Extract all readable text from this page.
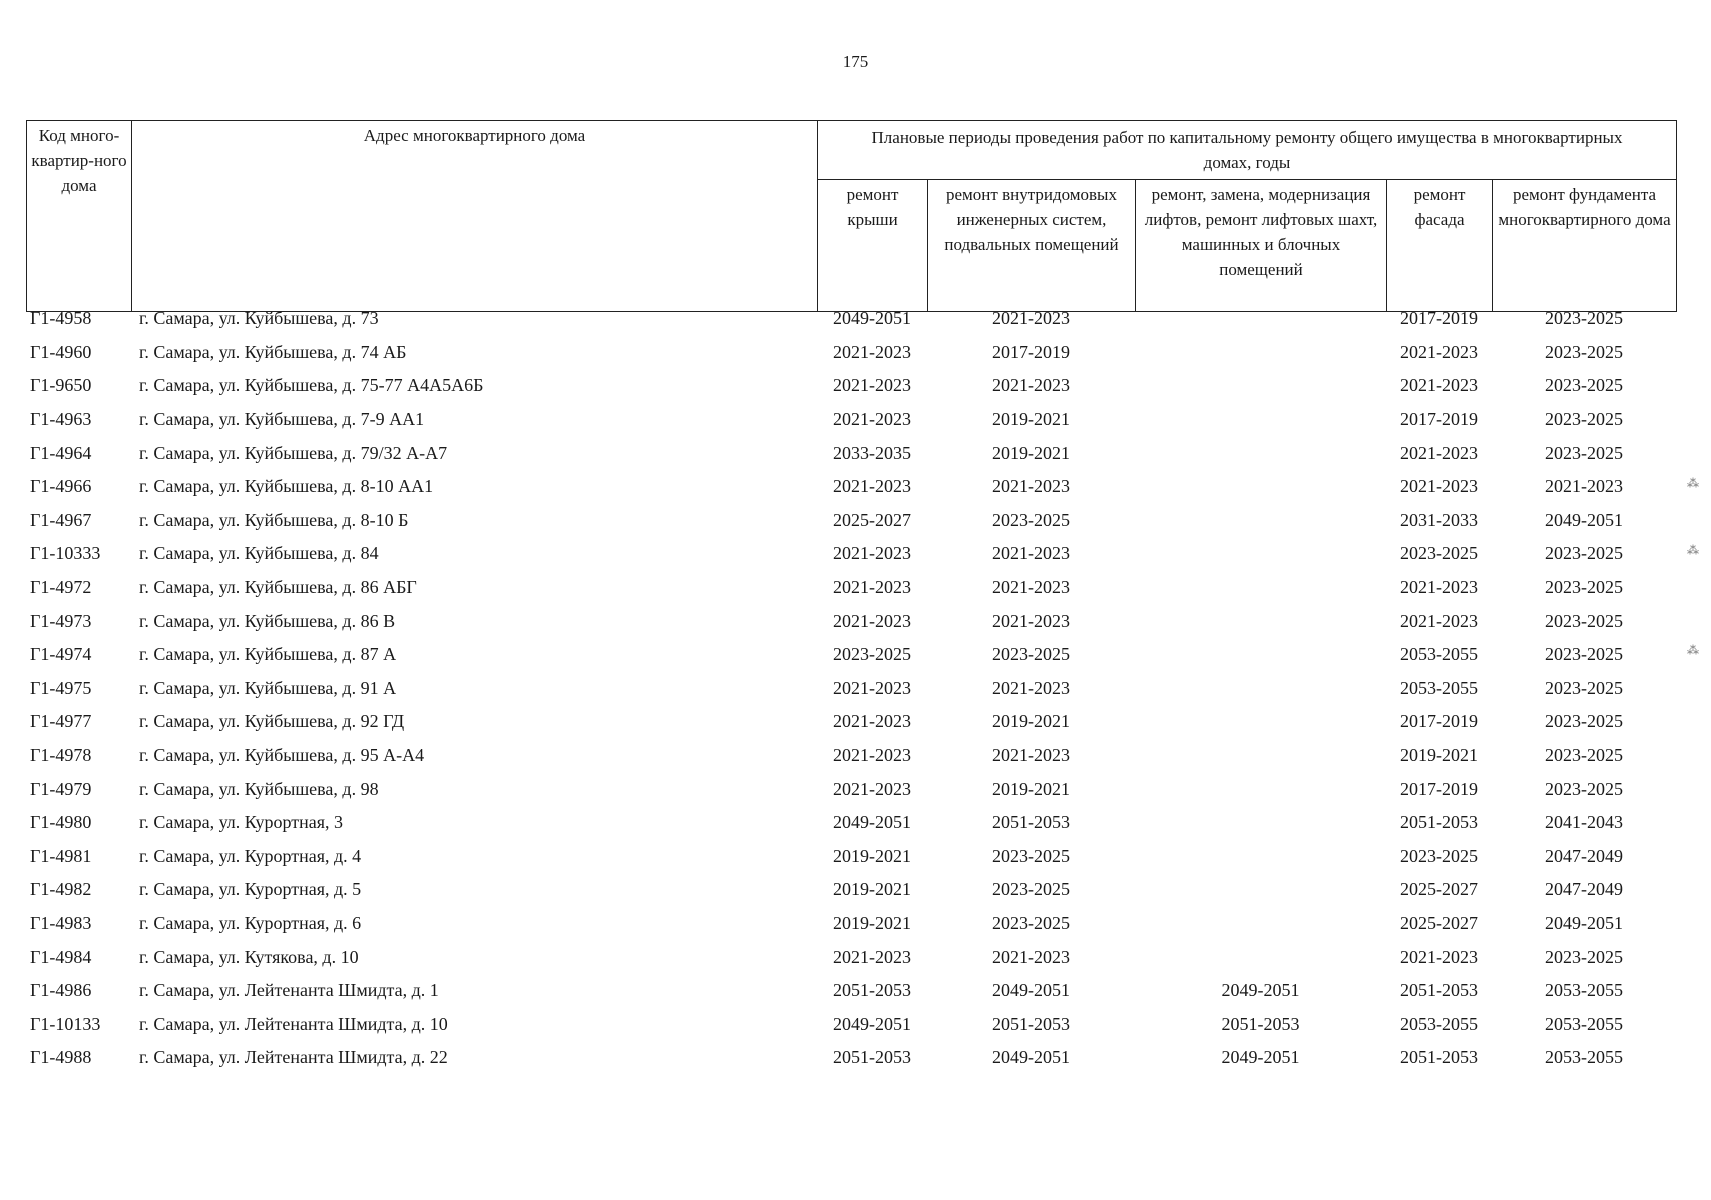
175
Код много-квартир-ного дома	Адрес многоквартирного дома	Плановые периоды проведения работ по капитальному ремонту общего имущества в многоквартирных домах, годы				
		ремонт крыши	ремонт внутридомовых инженерных систем, подвальных помещений	ремонт, замена, модернизация лифтов, ремонт лифтовых шахт, машинных и блочных помещений	ремонт фасада	ремонт фундамента многоквартирного дома
Г1-4958	г. Самара, ул. Куйбышева, д. 73	2049-2051	2021-2023		2017-2019	2023-2025
Г1-4960	г. Самара, ул. Куйбышева, д. 74 АБ	2021-2023	2017-2019		2021-2023	2023-2025
Г1-9650	г. Самара, ул. Куйбышева, д. 75-77 А4А5А6Б	2021-2023	2021-2023		2021-2023	2023-2025
Г1-4963	г. Самара, ул. Куйбышева, д. 7-9 АА1	2021-2023	2019-2021		2017-2019	2023-2025
Г1-4964	г. Самара, ул. Куйбышева, д. 79/32 А-А7	2033-2035	2019-2021		2021-2023	2023-2025
Г1-4966	г. Самара, ул. Куйбышева, д. 8-10 АА1	2021-2023	2021-2023		2021-2023	2021-2023
Г1-4967	г. Самара, ул. Куйбышева, д. 8-10 Б	2025-2027	2023-2025		2031-2033	2049-2051
Г1-10333	г. Самара, ул. Куйбышева, д. 84	2021-2023	2021-2023		2023-2025	2023-2025
Г1-4972	г. Самара, ул. Куйбышева, д. 86 АБГ	2021-2023	2021-2023		2021-2023	2023-2025
Г1-4973	г. Самара, ул. Куйбышева, д. 86 В	2021-2023	2021-2023		2021-2023	2023-2025
Г1-4974	г. Самара, ул. Куйбышева, д. 87 А	2023-2025	2023-2025		2053-2055	2023-2025
Г1-4975	г. Самара, ул. Куйбышева, д. 91 А	2021-2023	2021-2023		2053-2055	2023-2025
Г1-4977	г. Самара, ул. Куйбышева, д. 92 ГД	2021-2023	2019-2021		2017-2019	2023-2025
Г1-4978	г. Самара, ул. Куйбышева, д. 95 А-А4	2021-2023	2021-2023		2019-2021	2023-2025
Г1-4979	г. Самара, ул. Куйбышева, д. 98	2021-2023	2019-2021		2017-2019	2023-2025
Г1-4980	г. Самара, ул. Курортная, 3	2049-2051	2051-2053		2051-2053	2041-2043
Г1-4981	г. Самара, ул. Курортная, д. 4	2019-2021	2023-2025		2023-2025	2047-2049
Г1-4982	г. Самара, ул. Курортная, д. 5	2019-2021	2023-2025		2025-2027	2047-2049
Г1-4983	г. Самара, ул. Курортная, д. 6	2019-2021	2023-2025		2025-2027	2049-2051
Г1-4984	г. Самара, ул. Кутякова, д. 10	2021-2023	2021-2023		2021-2023	2023-2025
Г1-4986	г. Самара, ул. Лейтенанта Шмидта, д. 1	2051-2053	2049-2051	2049-2051	2051-2053	2053-2055
Г1-10133	г. Самара, ул. Лейтенанта Шмидта, д. 10	2049-2051	2051-2053	2051-2053	2053-2055	2053-2055
Г1-4988	г. Самара, ул. Лейтенанта Шмидта, д. 22	2051-2053	2049-2051	2049-2051	2051-2053	2053-2055
⁂
⁂
⁂
